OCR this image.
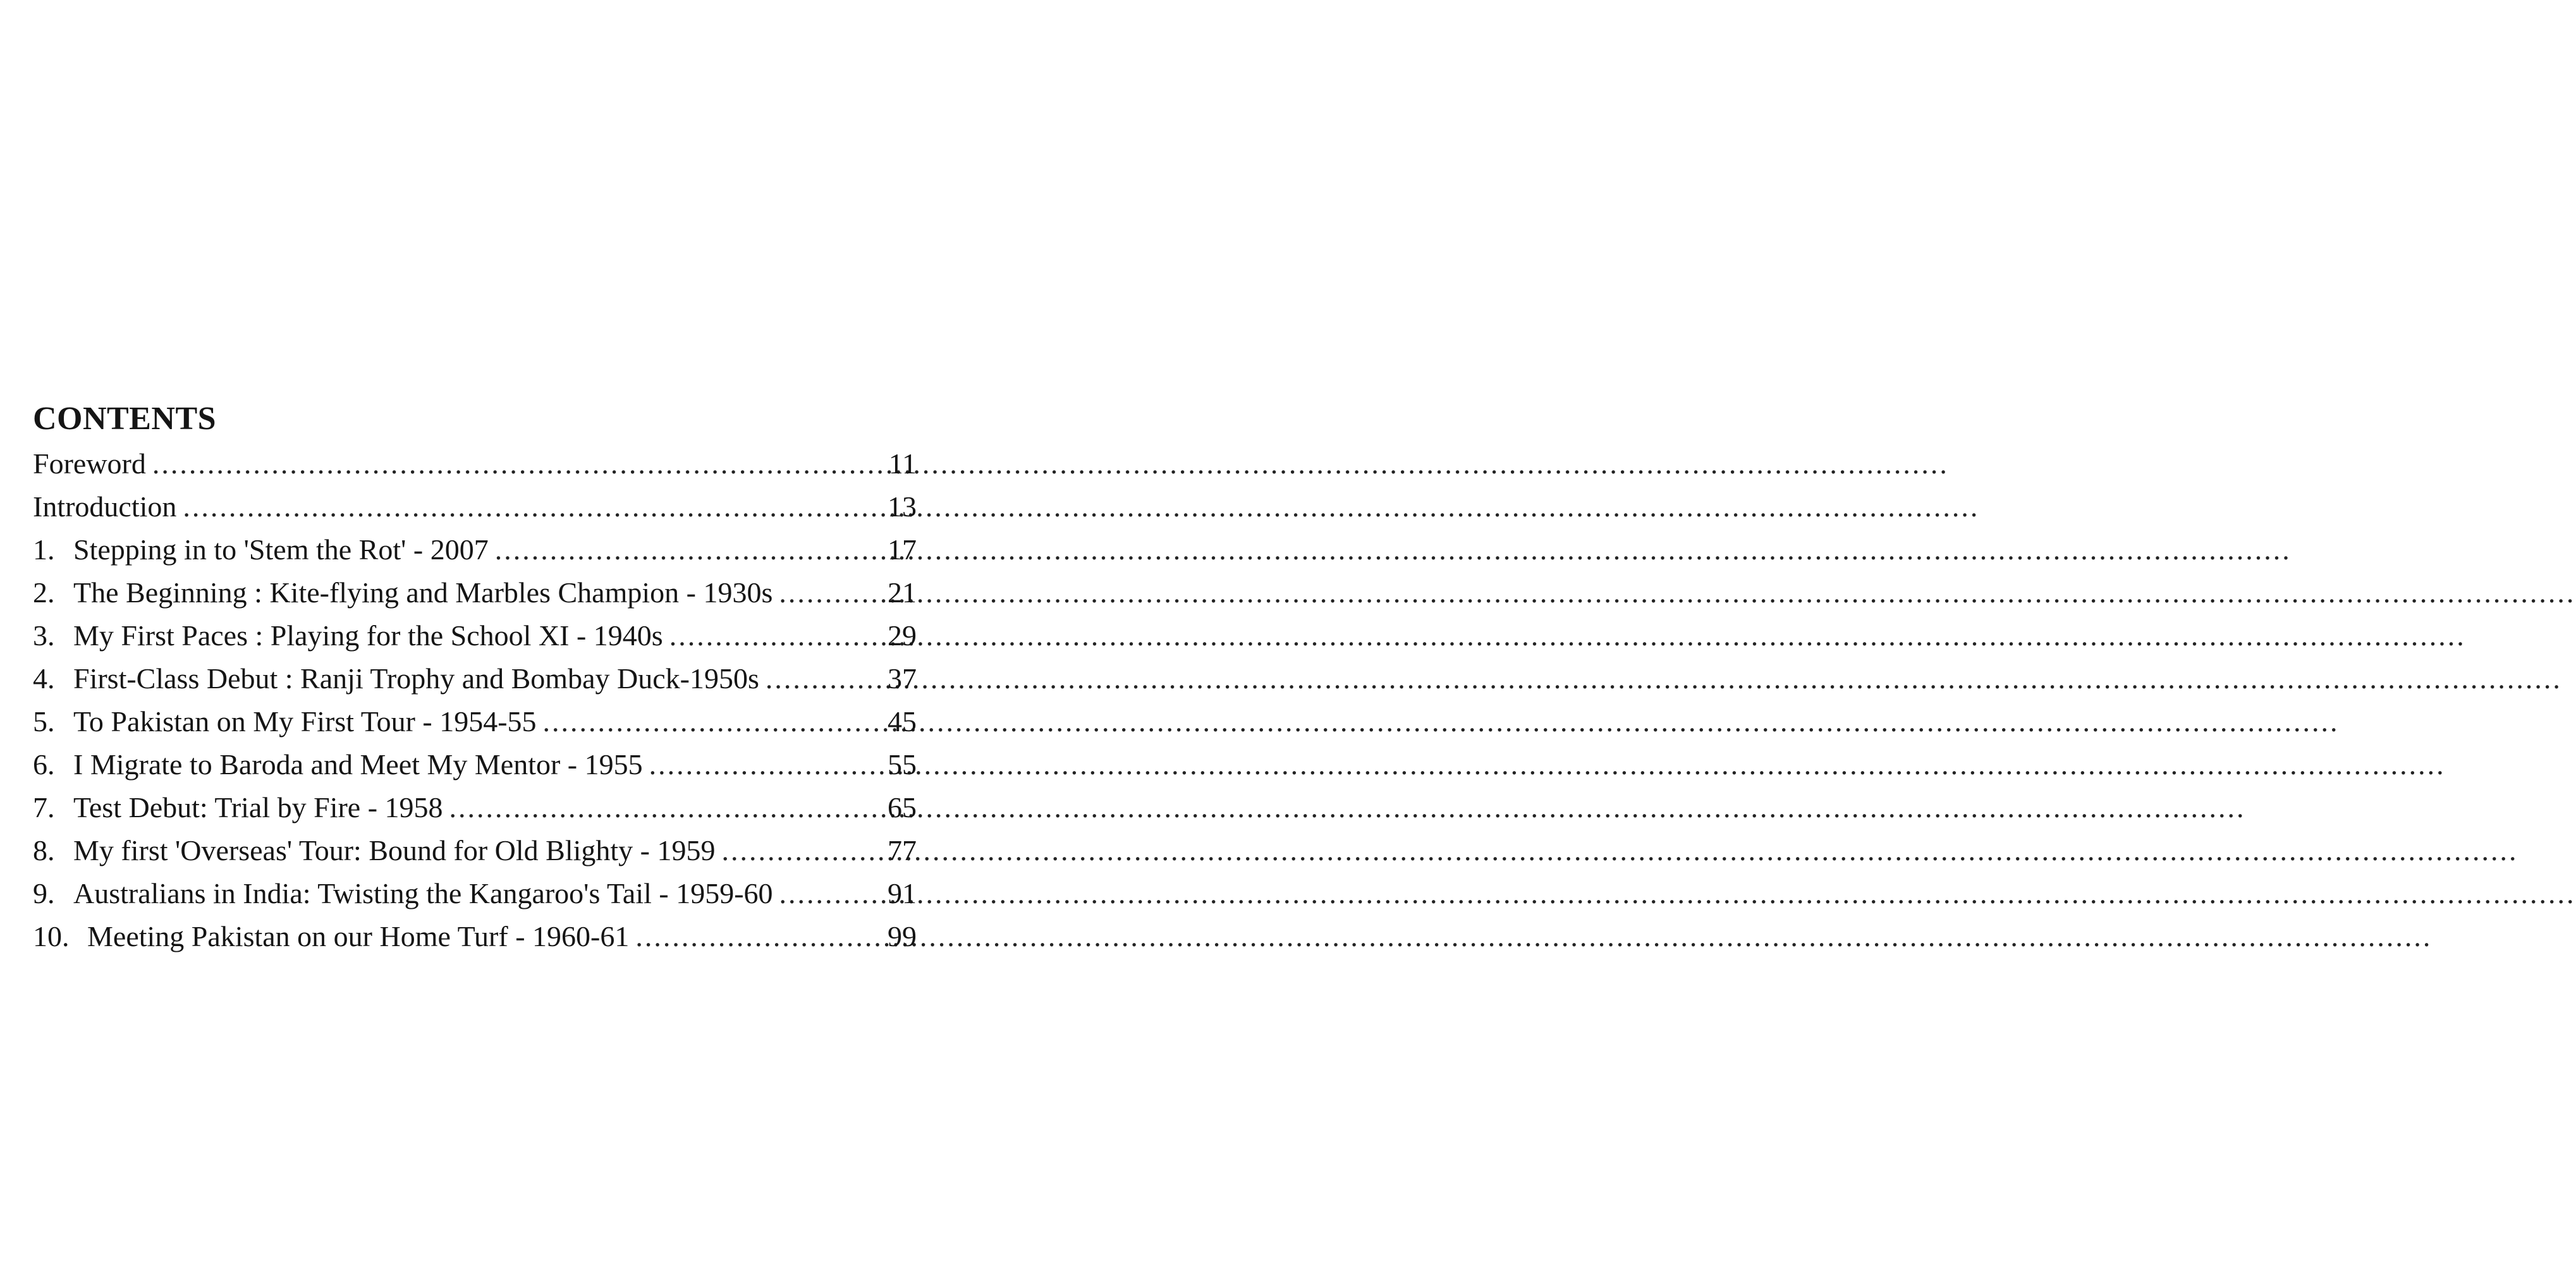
CONTENTS
Foreword .....	11
Introduction .....	13
1. Stepping in to 'Stem the Rot' - 2007 .....	17
2. The Beginning : Kite-flying and Marbles Champion - 1930s .....	21
3. My First Paces : Playing for the School XI - 1940s .....	29
4. First-Class Debut : Ranji Trophy and Bombay Duck-1950s .....	37
5. To Pakistan on My First Tour - 1954-55 .....	45
6. I Migrate to Baroda and Meet My Mentor - 1955 .....	55
7. Test Debut: Trial by Fire - 1958 .....	65
8. My first 'Overseas' Tour: Bound for Old Blighty - 1959 .....	77
9. Australians in India: Twisting the Kangaroo's Tail - 1959-60 .....	91
10. Meeting Pakistan on our Home Turf - 1960-61 .....	99
